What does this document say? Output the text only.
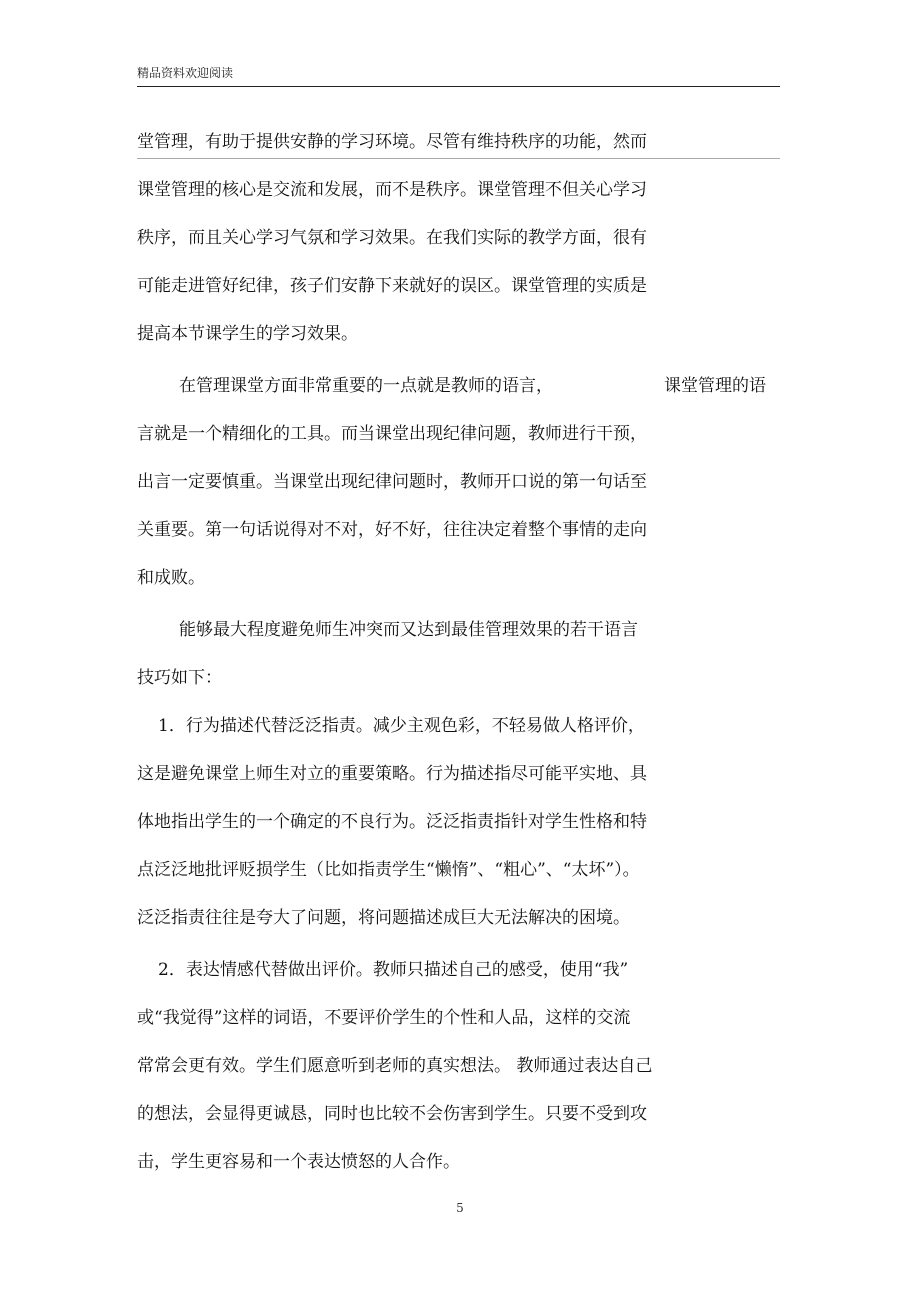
精品资料欢迎阅读
堂管理，有助于提供安静的学习环境。尽管有维持秩序的功能，然而
课堂管理的核心是交流和发展，而不是秩序。课堂管理不但关心学习
秩序，而且关心学习气氛和学习效果。在我们实际的教学方面，很有
可能走进管好纪律，孩子们安静下来就好的误区。课堂管理的实质是
提高本节课学生的学习效果。
在管理课堂方面非常重要的一点就是教师的语言，	课堂管理的语
言就是一个精细化的工具。而当课堂出现纪律问题，教师进行干预，
出言一定要慎重。当课堂出现纪律问题时，教师开口说的第一句话至
关重要。第一句话说得对不对，好不好，往往决定着整个事情的走向
和成败。
能够最大程度避免师生冲突而又达到最佳管理效果的若干语言
技巧如下：
1．行为描述代替泛泛指责。减少主观色彩，不轻易做人格评价，
这是避免课堂上师生对立的重要策略。行为描述指尽可能平实地、具
体地指出学生的一个确定的不良行为。泛泛指责指针对学生性格和特
点泛泛地批评贬损学生（比如指责学生“懒惰”、“粗心”、“太坏”）。
泛泛指责往往是夸大了问题，将问题描述成巨大无法解决的困境。
2．表达情感代替做出评价。教师只描述自己的感受，使用“我”
或“我觉得”这样的词语，不要评价学生的个性和人品，这样的交流
常常会更有效。学生们愿意听到老师的真实想法。 教师通过表达自己
的想法，会显得更诚恳，同时也比较不会伤害到学生。只要不受到攻
击，学生更容易和一个表达愤怒的人合作。
5
